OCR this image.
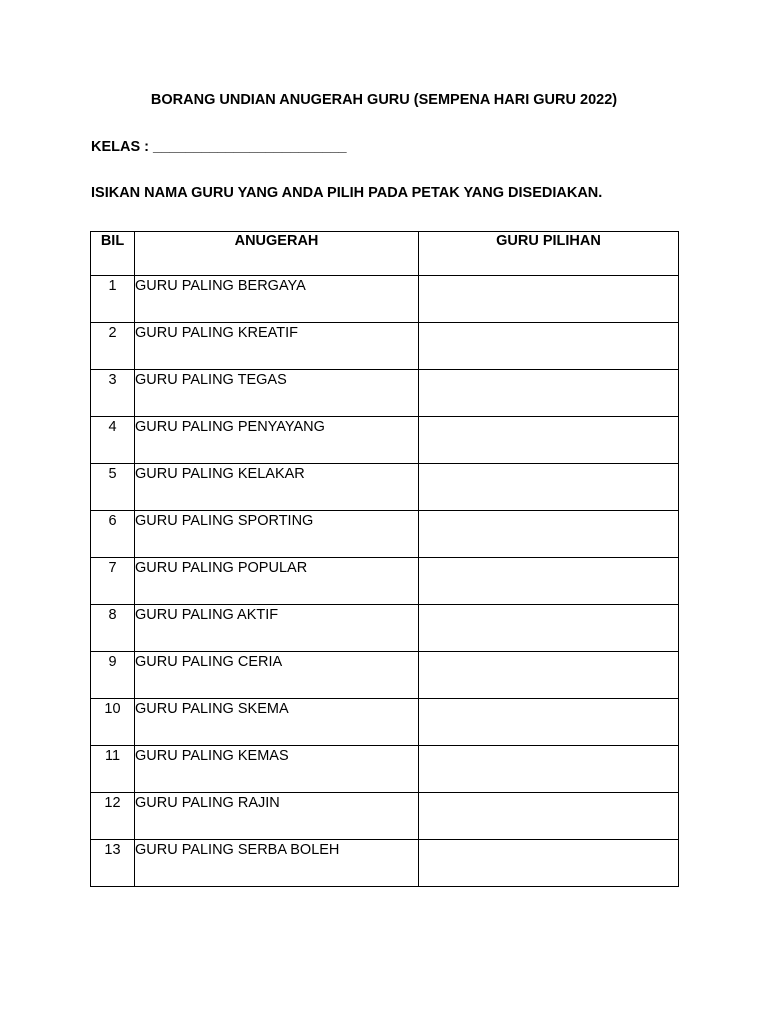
BORANG UNDIAN ANUGERAH GURU (SEMPENA HARI GURU 2022)
KELAS : ________________________
ISIKAN NAMA GURU YANG ANDA PILIH PADA PETAK YANG DISEDIAKAN.
BIL	ANUGERAH	GURU PILIHAN
1	GURU PALING BERGAYA	
2	GURU PALING KREATIF	
3	GURU PALING TEGAS	
4	GURU PALING PENYAYANG	
5	GURU PALING KELAKAR	
6	GURU PALING SPORTING	
7	GURU PALING POPULAR	
8	GURU PALING AKTIF	
9	GURU PALING CERIA	
10	GURU PALING SKEMA	
11	GURU PALING KEMAS	
12	GURU PALING RAJIN	
13	GURU PALING SERBA BOLEH	
